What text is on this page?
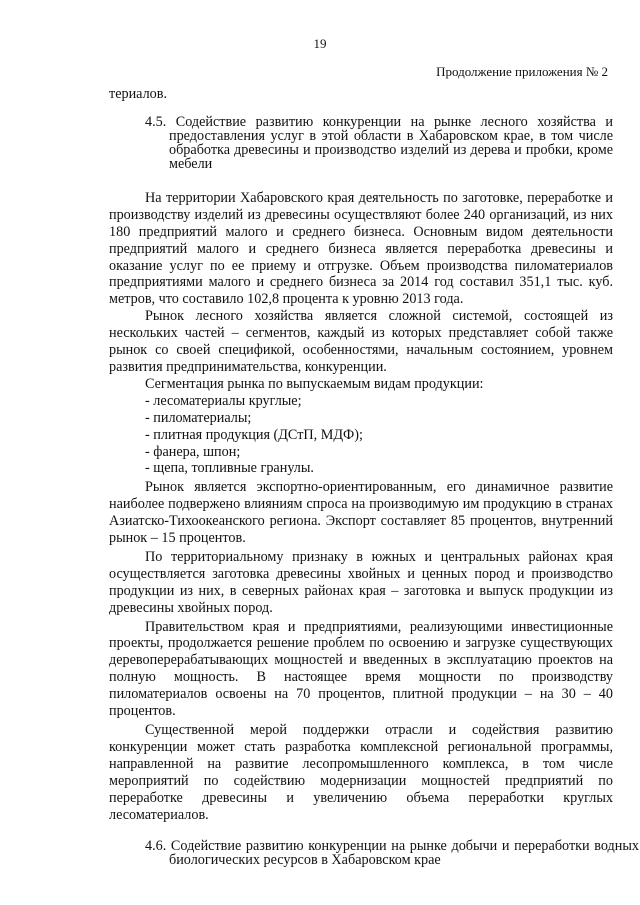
19
Продолжение приложения № 2

териалов.

4.5. Содействие развитию конкуренции на рынке лесного хозяйства и предоставления услуг в этой области в Хабаровском крае, в том числе обработка древесины и производство изделий из дерева и пробки, кроме мебели

На территории Хабаровского края деятельность по заготовке, переработке и производству изделий из древесины осуществляют более 240 организаций, из них 180 предприятий малого и среднего бизнеса. Основным видом деятельности предприятий малого и среднего бизнеса является переработка древесины и оказание услуг по ее приему и отгрузке. Объем производства пиломатериалов предприятиями малого и среднего бизнеса за 2014 год составил 351,1 тыс. куб. метров, что составило 102,8 процента к уровню 2013 года.

Рынок лесного хозяйства является сложной системой, состоящей из нескольких частей – сегментов, каждый из которых представляет собой также рынок со своей спецификой, особенностями, начальным состоянием, уровнем развития предпринимательства, конкуренции.

Сегментация рынка по выпускаемым видам продукции:

- лесоматериалы круглые;

- пиломатериалы;

- плитная продукция (ДСтП, МДФ);

- фанера, шпон;

- щепа, топливные гранулы.

Рынок является экспортно-ориентированным, его динамичное развитие наиболее подвержено влияниям спроса на производимую им продукцию в странах Азиатско-Тихоокеанского региона. Экспорт составляет 85 процентов, внутренний рынок – 15 процентов.

По территориальному признаку в южных и центральных районах края осуществляется заготовка древесины хвойных и ценных пород и производство продукции из них, в северных районах края – заготовка и выпуск продукции из древесины хвойных пород.

Правительством края и предприятиями, реализующими инвестиционные проекты, продолжается решение проблем по освоению и загрузке существующих деревоперерабатывающих мощностей и введенных в эксплуатацию проектов на полную мощность. В настоящее время мощности по производству пиломатериалов освоены на 70 процентов, плитной продукции – на 30 – 40 процентов.

Существенной мерой поддержки отрасли и содействия развитию конкуренции может стать разработка комплексной региональной программы, направленной на развитие лесопромышленного комплекса, в том числе мероприятий по содействию модернизации мощностей предприятий по переработке древесины и увеличению объема переработки круглых лесоматериалов.

4.6. Содействие развитию конкуренции на рынке добычи и переработки водных биологических ресурсов в Хабаровском крае
